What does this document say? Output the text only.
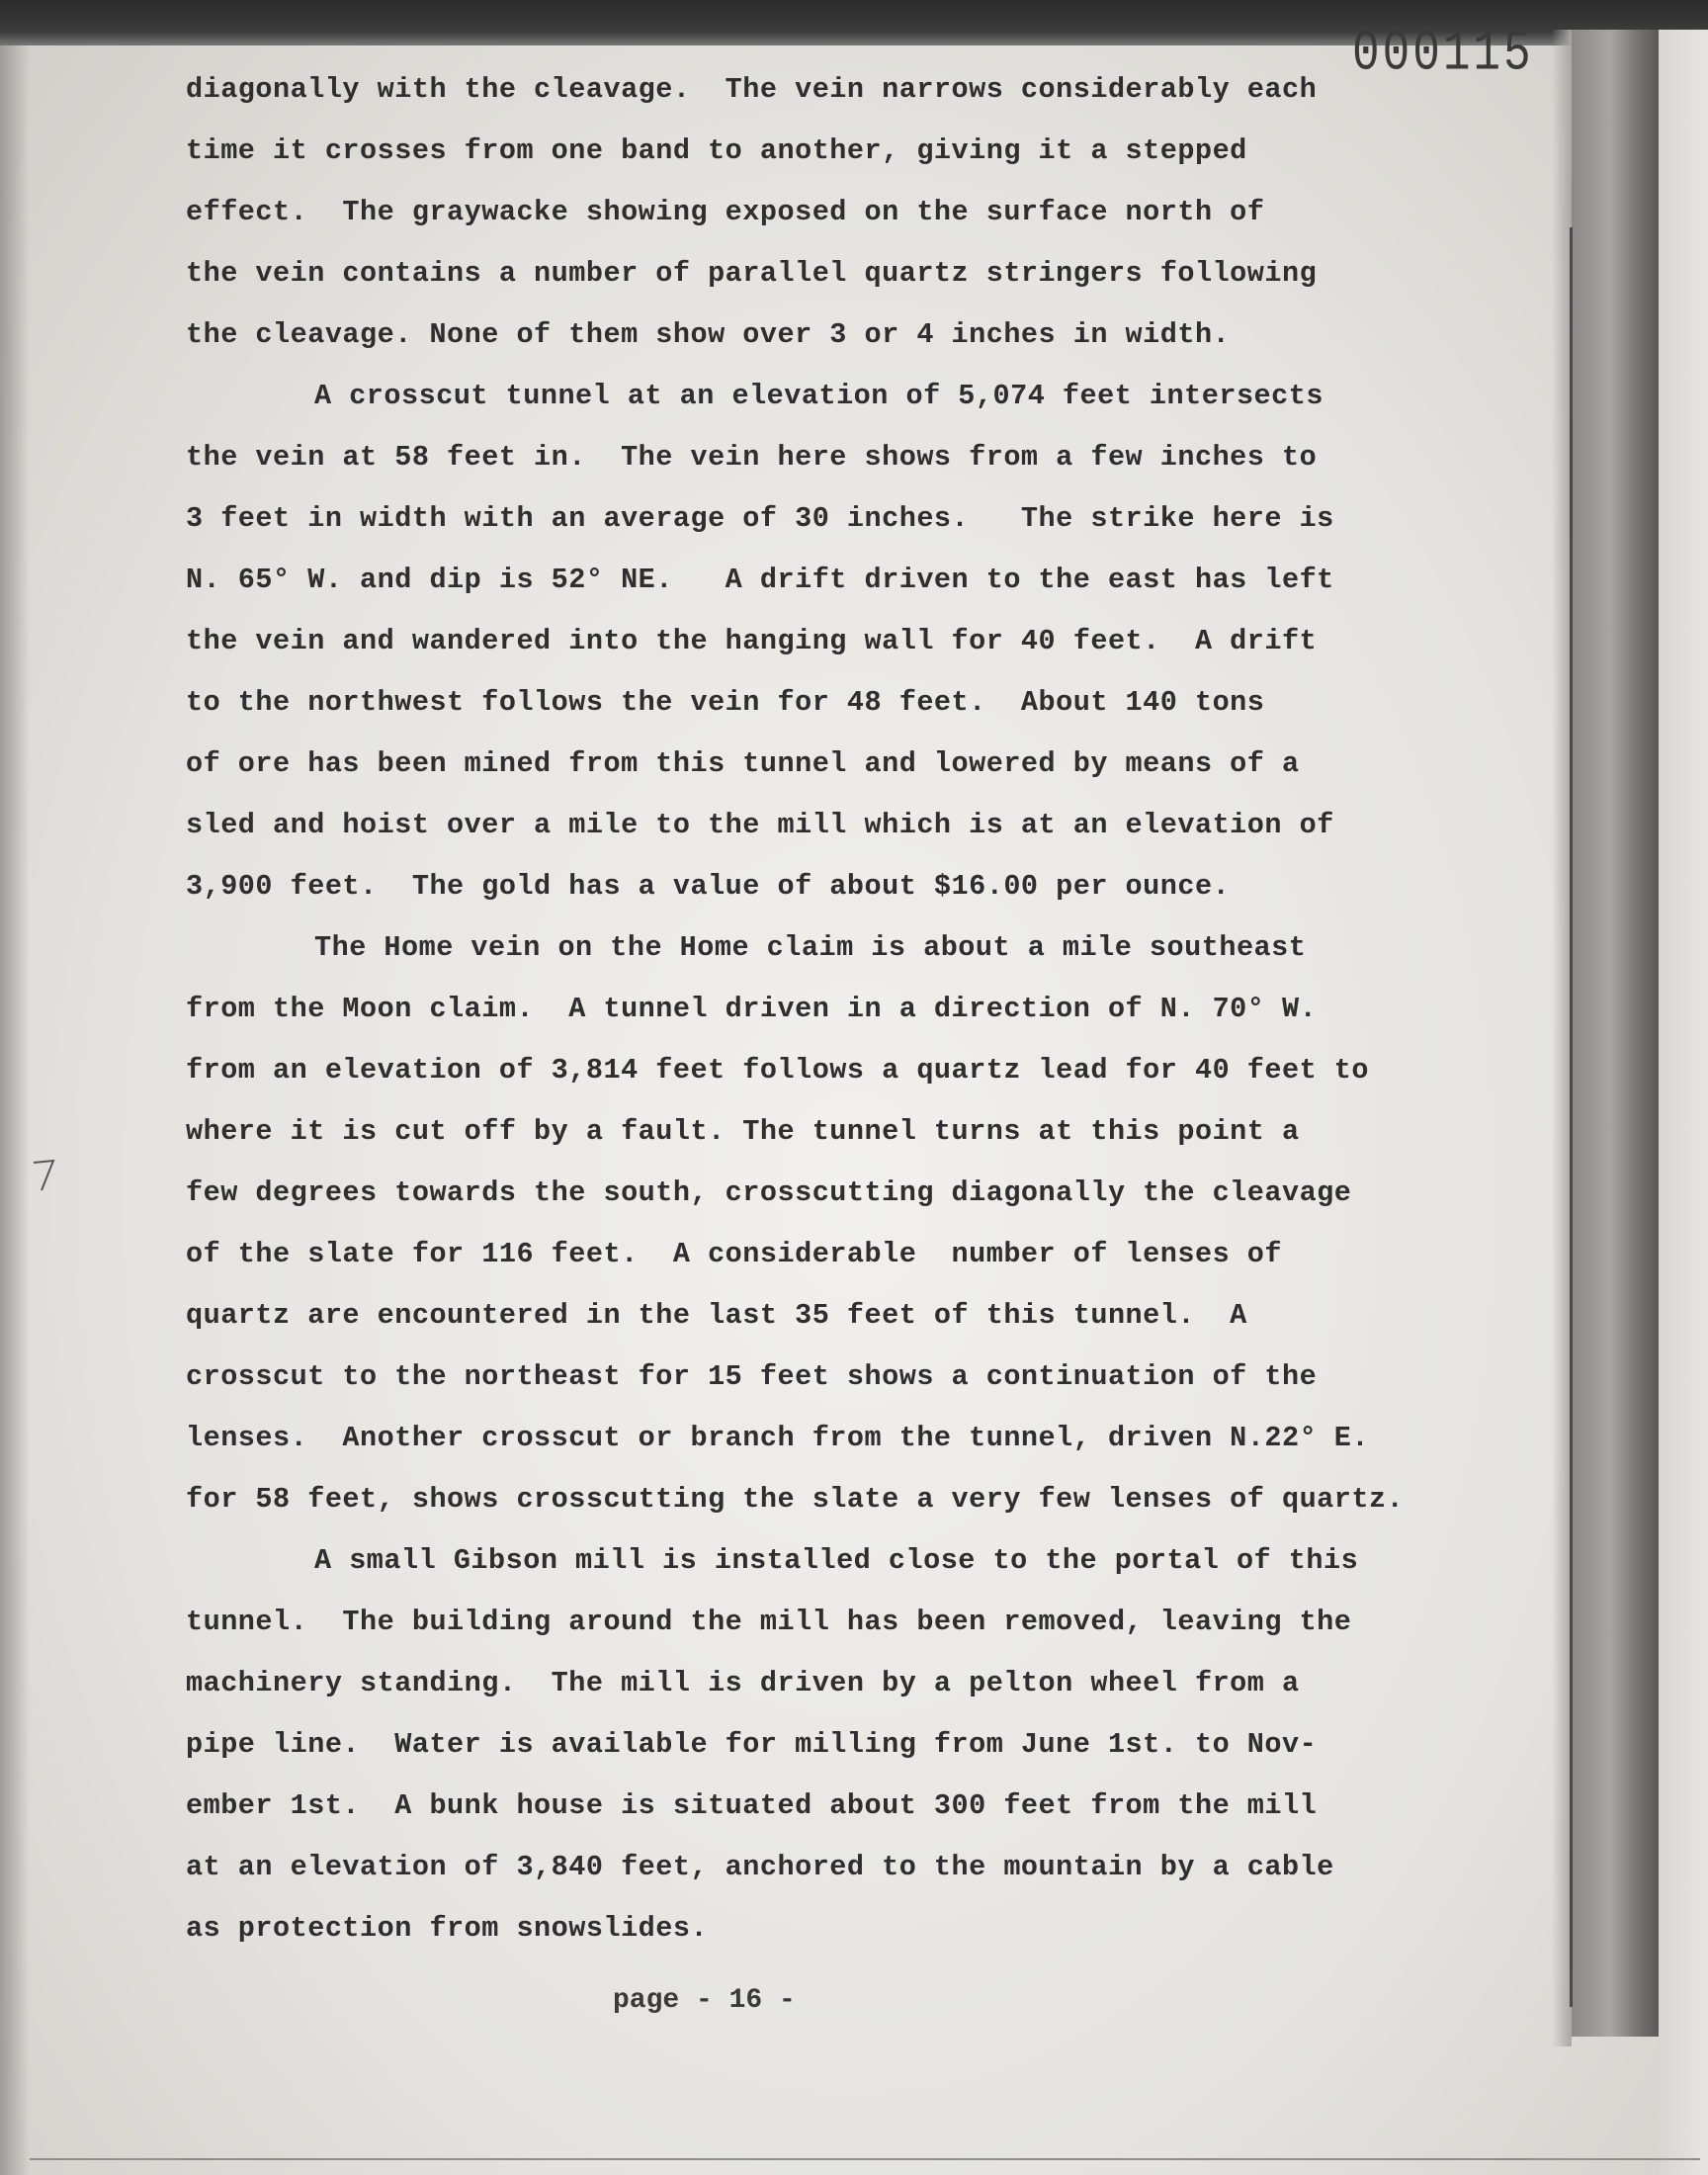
000115

diagonally with the cleavage.  The vein narrows considerably each

time it crosses from one band to another, giving it a stepped

effect.  The graywacke showing exposed on the surface north of

the vein contains a number of parallel quartz stringers following

the cleavage. None of them show over 3 or 4 inches in width.

A crosscut tunnel at an elevation of 5,074 feet intersects

the vein at 58 feet in.  The vein here shows from a few inches to

3 feet in width with an average of 30 inches.   The strike here is

N. 65° W. and dip is 52° NE.   A drift driven to the east has left

the vein and wandered into the hanging wall for 40 feet.  A drift

to the northwest follows the vein for 48 feet.  About 140 tons

of ore has been mined from this tunnel and lowered by means of a

sled and hoist over a mile to the mill which is at an elevation of

3,900 feet.  The gold has a value of about $16.00 per ounce.

The Home vein on the Home claim is about a mile southeast

from the Moon claim.  A tunnel driven in a direction of N. 70° W.

from an elevation of 3,814 feet follows a quartz lead for 40 feet to

where it is cut off by a fault. The tunnel turns at this point a

few degrees towards the south, crosscutting diagonally the cleavage

of the slate for 116 feet.  A considerable  number of lenses of

quartz are encountered in the last 35 feet of this tunnel.  A

crosscut to the northeast for 15 feet shows a continuation of the

lenses.  Another crosscut or branch from the tunnel, driven N.22° E.

for 58 feet, shows crosscutting the slate a very few lenses of quartz.

A small Gibson mill is installed close to the portal of this

tunnel.  The building around the mill has been removed, leaving the

machinery standing.  The mill is driven by a pelton wheel from a

pipe line.  Water is available for milling from June 1st. to Nov-

ember 1st.  A bunk house is situated about 300 feet from the mill

at an elevation of 3,840 feet, anchored to the mountain by a cable

as protection from snowslides.

page - 16 -
